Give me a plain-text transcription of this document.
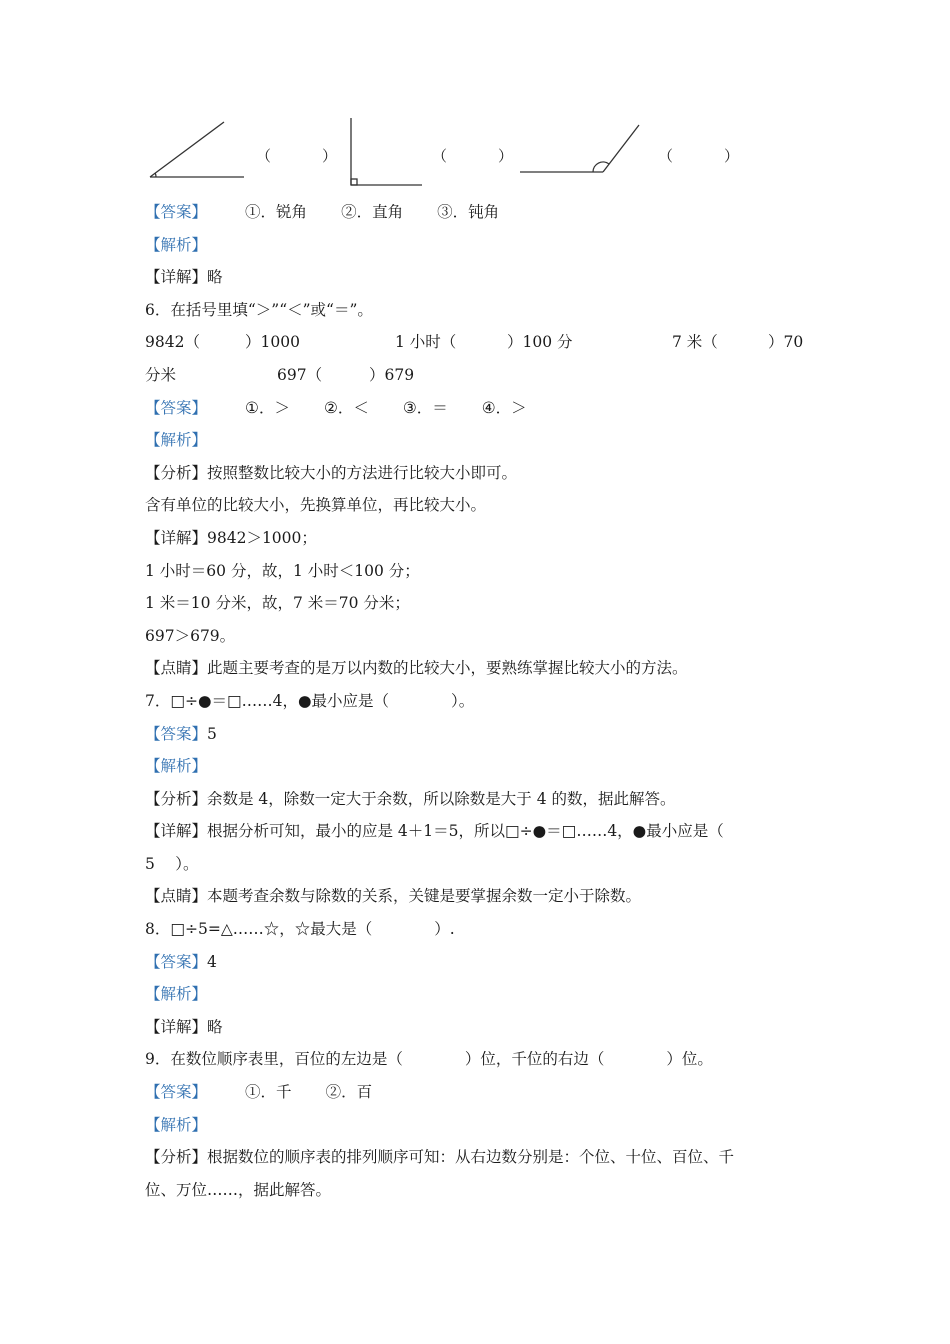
（	）	（	）	（	）
【答案】 ①．锐角 ②．直角 ③．钝角
【解析】
【详解】略
6．在括号里填“＞”“＜”或“＝”。
9842（	）1000	1 小时（	）100 分	7 米（	）70
分米	697（	）679
【答案】 ①．＞ ②．＜ ③．＝ ④．＞
【解析】
【分析】按照整数比较大小的方法进行比较大小即可。
含有单位的比较大小，先换算单位，再比较大小。
【详解】9842＞1000；
1 小时＝60 分，故，1 小时＜100 分；
1 米＝10 分米，故，7 米＝70 分米；
697＞679。
【点睛】此题主要考查的是万以内数的比较大小，要熟练掌握比较大小的方法。
7．□÷●＝□……4，●最小应是（　　　　）。
【答案】5
【解析】
【分析】余数是 4，除数一定大于余数，所以除数是大于 4 的数，据此解答。
【详解】根据分析可知，最小的应是 4＋1＝5，所以□÷●＝□……4，●最小应是（
5　 ）。
【点睛】本题考查余数与除数的关系，关键是要掌握余数一定小于除数。
8．□÷5=△……☆，☆最大是（　　　　）.
【答案】4
【解析】
【详解】略
9．在数位顺序表里，百位的左边是（　　　　）位，千位的右边（　　　　）位。
【答案】 ①．千 ②．百
【解析】
【分析】根据数位的顺序表的排列顺序可知：从右边数分别是：个位、十位、百位、千
位、万位……，据此解答。
